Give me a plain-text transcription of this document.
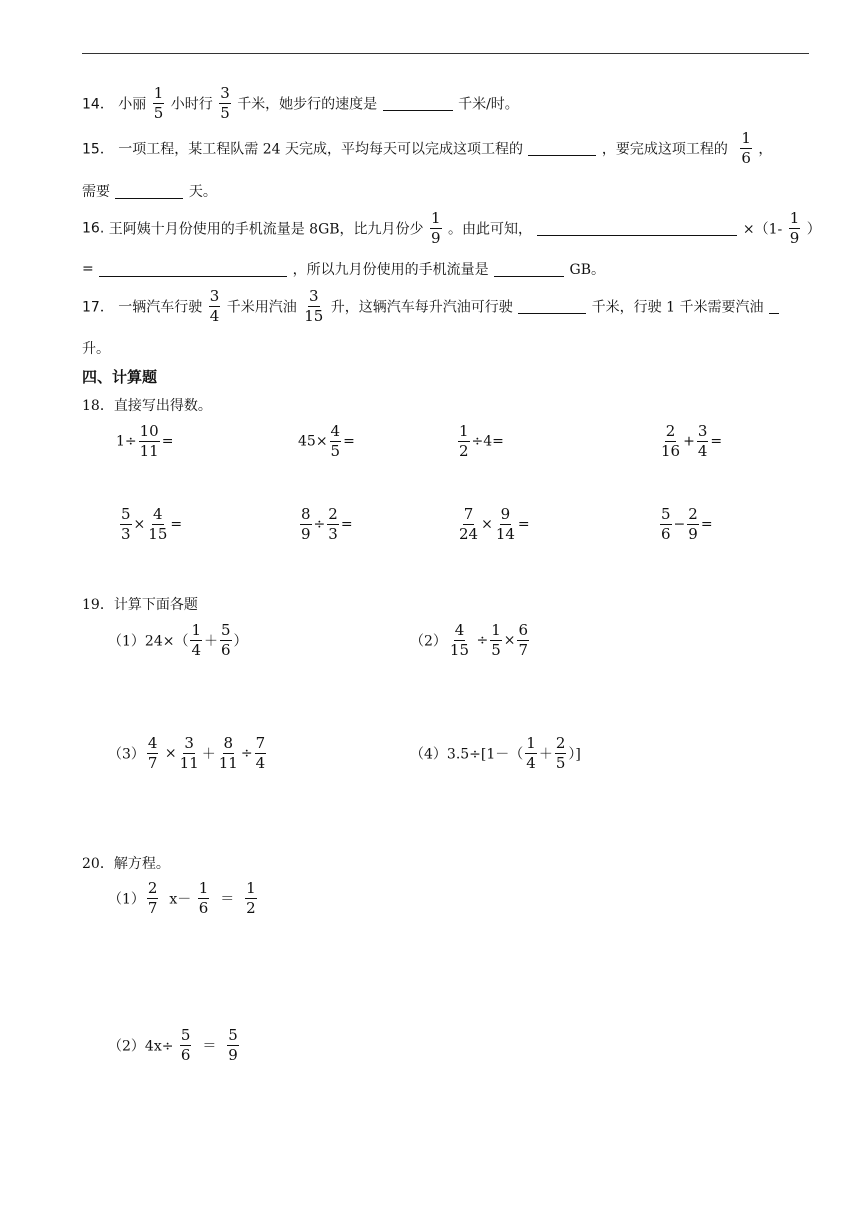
14． 小丽 $\frac{1}{5}$ 小时行 $\frac{3}{5}$ 千米，她步行的速度是	千米/时。
15． 一项工程，某工程队需 24 天完成，平均每天可以完成这项工程的	，要完成这项工程的 $\frac{1}{6}$ ，
需要	天。
16. 王阿姨十月份使用的手机流量是 8GB，比九月份少 $\frac{1}{9}$ 。由此可知，	$\times(1- \frac{1}{9}$ ）
=	，所以九月份使用的手机流量是	GB。
17． 一辆汽车行驶 $\frac{3}{4}$ 千米用汽油 $\frac{3}{15}$ 升，这辆汽车每升汽油可行驶	千米，行驶 1 千米需要汽油
升。
四、计算题
18．直接写出得数。
$1\div \frac{10}{11}$ =	$45\times \frac{4}{5}$ =	$\frac{1}{2} \div 4=$	$\frac{2}{16} + \frac{3}{4}$ =
$\frac{5}{3} \times \frac{4}{15}$ =	$\frac{8}{9} \div \frac{2}{3}$ =	$\frac{7}{24} \times \frac{9}{14}$ =	$\frac{5}{6} - \frac{2}{9}$ =
19．计算下面各题
$(1)24\times( \frac{1}{4} + \frac{5}{6}$ ）	$(2) \frac{4}{15} \div \frac{1}{5} \times \frac{6}{7}$
$(3) \frac{4}{7} \times \frac{3}{11} + \frac{8}{11} \div \frac{7}{4}$	$(4)3.5\div[1-( \frac{1}{4} + \frac{2}{5}$ ）]
20．解方程。
$(1) \frac{2}{7} x- \frac{1}{6} = \frac{1}{2}$
$(2)4x\div \frac{5}{6} = \frac{5}{9}$
